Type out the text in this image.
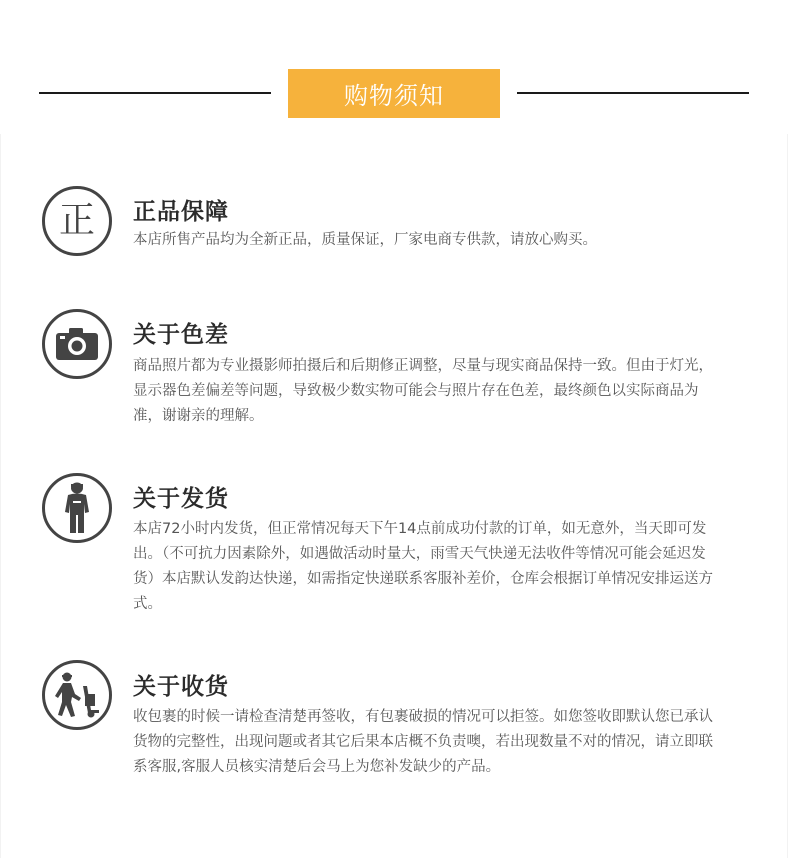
购物须知
正 正品保障
本店所售产品均为全新正品，质量保证，厂家电商专供款，请放心购买。
关于色差
商品照片都为专业摄影师拍摄后和后期修正调整，尽量与现实商品保持一致。但由于灯光，显示器色差偏差等问题，导致极少数实物可能会与照片存在色差，最终颜色以实际商品为准，谢谢亲的理解。
关于发货
本店72小时内发货，但正常情况每天下午14点前成功付款的订单，如无意外，当天即可发出。（不可抗力因素除外，如遇做活动时量大，雨雪天气快递无法收件等情况可能会延迟发货）本店默认发韵达快递，如需指定快递联系客服补差价，仓库会根据订单情况安排运送方式。
关于收货
收包裹的时候一请检查清楚再签收，有包裹破损的情况可以拒签。如您签收即默认您已承认货物的完整性，出现问题或者其它后果本店概不负责噢，若出现数量不对的情况，请立即联系客服,客服人员核实清楚后会马上为您补发缺少的产品。
